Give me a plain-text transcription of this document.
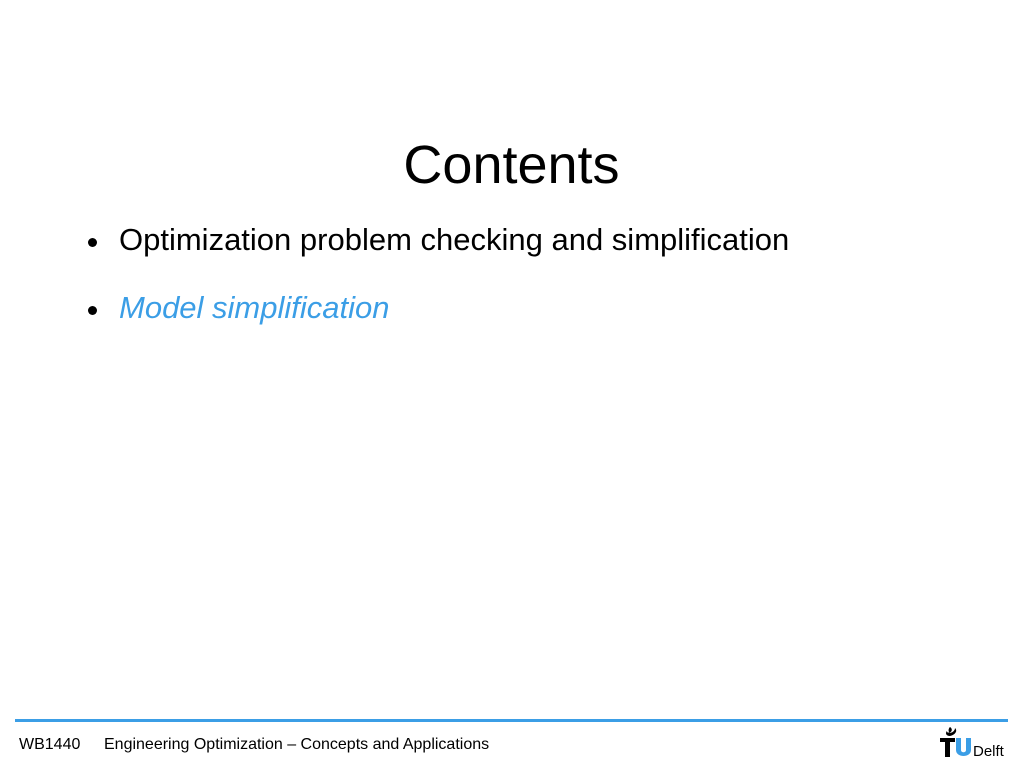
Contents
Optimization problem checking and simplification
Model simplification
WB1440 Engineering Optimization – Concepts and Applications	Delft
